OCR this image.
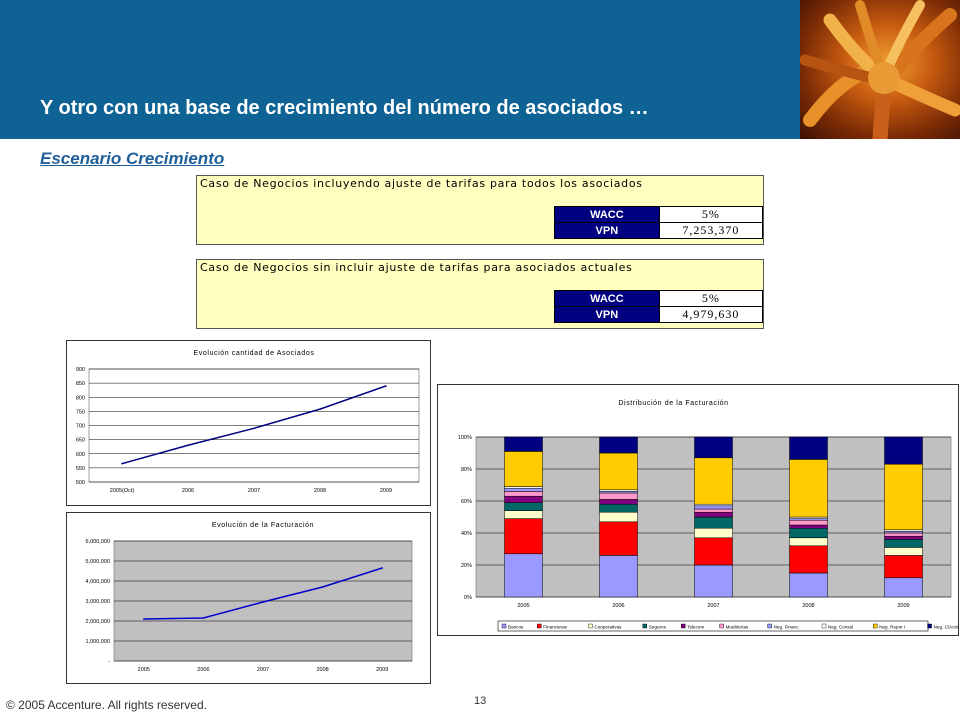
Y otro con una base de crecimiento del número de asociados …
Escenario Crecimiento
Caso de Negocios incluyendo ajuste de tarifas para todos los asociados
WACC	5%
VPN	7,253,370
Caso de Negocios sin incluir ajuste de tarifas para asociados actuales
WACC	5%
VPN	4,979,630
Evolución cantidad de Asociados
500
550
600
650
700
750
800
850
900
2005(Oct)	2006	2007	2008	2009
Evolución de la Facturación
-
1,000,000
2,000,000
3,000,000
4,000,000
5,000,000
6,000,000
2005	2006	2007	2008	2009
Distribución de la Facturación
0%
20%
40%
60%
80%
100%
2005	2006	2007	2008	2009
Bancos	Financieras	Cooperativas	Seguros	Telecom	Mueblerías	Neg. Financ.	Neg. Consul	Neg. Repor I	Neg. C/Activ
© 2005 Accenture. All rights reserved.	13
